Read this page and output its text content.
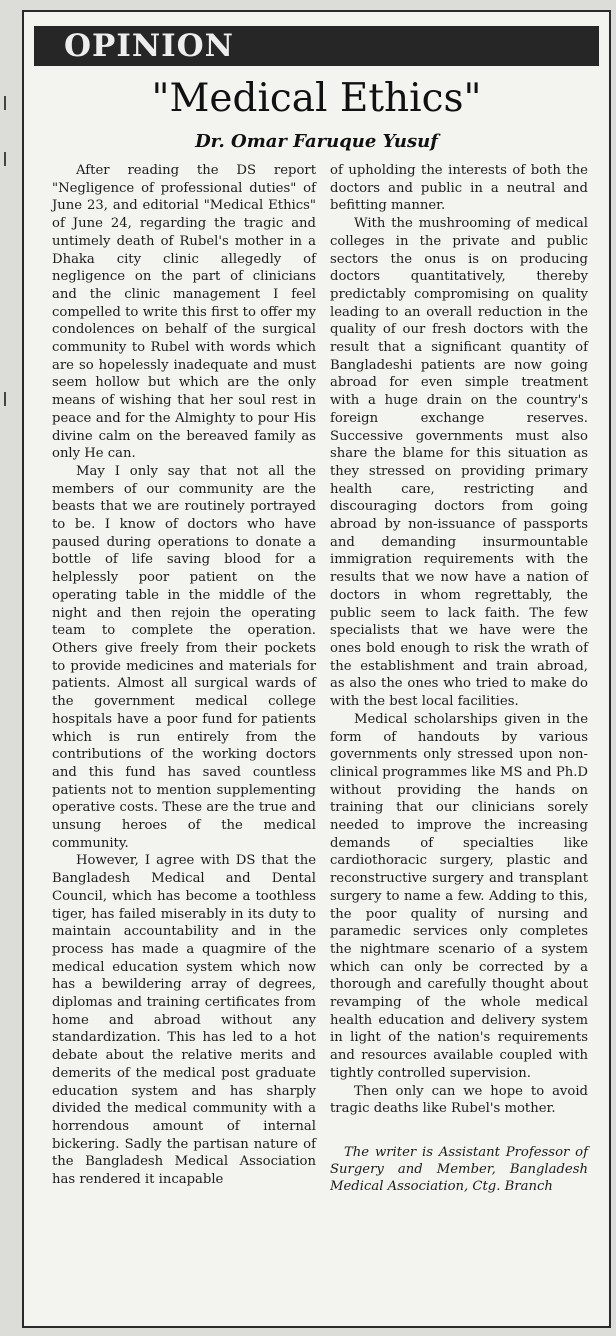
OPINION
"Medical Ethics"
Dr. Omar Faruque Yusuf

After reading the DS report "Negligence of professional duties" of June 23, and editorial "Medical Ethics" of June 24, regarding the tragic and untimely death of Rubel's mother in a Dhaka city clinic allegedly of negligence on the part of clinicians and the clinic management I feel compelled to write this first to offer my condolences on behalf of the surgical community to Rubel with words which are so hopelessly inadequate and must seem hollow but which are the only means of wishing that her soul rest in peace and for the Almighty to pour His divine calm on the bereaved family as only He can.

May I only say that not all the members of our community are the beasts that we are routinely portrayed to be. I know of doctors who have paused during operations to donate a bottle of life saving blood for a helplessly poor patient on the operating table in the middle of the night and then rejoin the operating team to complete the operation. Others give freely from their pockets to provide medicines and materials for patients. Almost all surgical wards of the government medical college hospitals have a poor fund for patients which is run entirely from the contributions of the working doctors and this fund has saved countless patients not to mention supplementing operative costs. These are the true and unsung heroes of the medical community.

However, I agree with DS that the Bangladesh Medical and Dental Council, which has become a toothless tiger, has failed miserably in its duty to maintain accountability and in the process has made a quagmire of the medical education system which now has a bewildering array of degrees, diplomas and training certificates from home and abroad without any standardization. This has led to a hot debate about the relative merits and demerits of the medical post graduate education system and has sharply divided the medical community with a horrendous amount of internal bickering. Sadly the partisan nature of the Bangladesh Medical Association has rendered it incapable

of upholding the interests of both the doctors and public in a neutral and befitting manner.

With the mushrooming of medical colleges in the private and public sectors the onus is on producing doctors quantitatively, thereby predictably compromising on quality leading to an overall reduction in the quality of our fresh doctors with the result that a significant quantity of Bangladeshi patients are now going abroad for even simple treatment with a huge drain on the country's foreign exchange reserves. Successive governments must also share the blame for this situation as they stressed on providing primary health care, restricting and discouraging doctors from going abroad by non-issuance of passports and demanding insurmountable immigration requirements with the results that we now have a nation of doctors in whom regrettably, the public seem to lack faith. The few specialists that we have were the ones bold enough to risk the wrath of the establishment and train abroad, as also the ones who tried to make do with the best local facilities.

Medical scholarships given in the form of handouts by various governments only stressed upon non-clinical programmes like MS and Ph.D without providing the hands on training that our clinicians sorely needed to improve the increasing demands of specialties like cardiothoracic surgery, plastic and reconstructive surgery and transplant surgery to name a few. Adding to this, the poor quality of nursing and paramedic services only completes the nightmare scenario of a system which can only be corrected by a thorough and carefully thought about revamping of the whole medical health education and delivery system in light of the nation's requirements and resources available coupled with tightly controlled supervision.

Then only can we hope to avoid tragic deaths like Rubel's mother.

The writer is Assistant Professor of Surgery and Member, Bangladesh Medical Association, Ctg. Branch
